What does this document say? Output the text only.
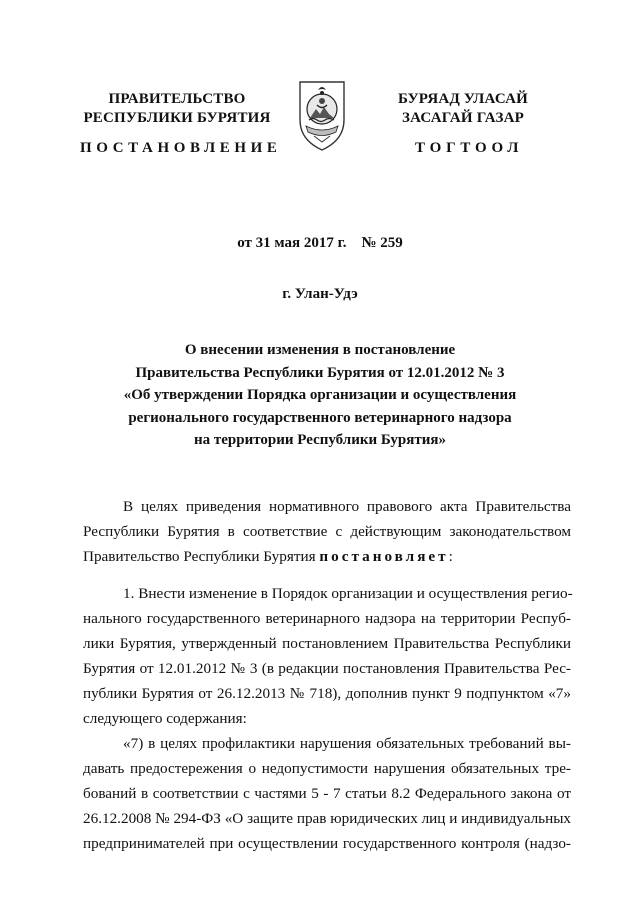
ПРАВИТЕЛЬСТВО
РЕСПУБЛИКИ БУРЯТИЯ
БУРЯАД УЛАСАЙ
ЗАСАГАЙ ГАЗАР
ПОСТАНОВЛЕНИЕ	ТОГТООЛ
от 31 мая 2017 г.    № 259
г. Улан-Удэ
О внесении изменения в постановление
Правительства Республики Бурятия от 12.01.2012 № 3
«Об утверждении Порядка организации и осуществления
регионального государственного ветеринарного надзора
на территории Республики Бурятия»
В целях приведения нормативного правового акта Правительства
Республики Бурятия в соответствие с действующим законодательством
Правительство Республики Бурятия постановляет:
1. Внести изменение в Порядок организации и осуществления регио-
нального государственного ветеринарного надзора на территории Респуб-
лики Бурятия, утвержденный постановлением Правительства Республики
Бурятия от 12.01.2012 № 3 (в редакции постановления Правительства Рес-
публики Бурятия от 26.12.2013 № 718), дополнив пункт 9 подпунктом «7»
следующего содержания:
«7) в целях профилактики нарушения обязательных требований вы-
давать предостережения о недопустимости нарушения обязательных тре-
бований в соответствии с частями 5 - 7 статьи 8.2 Федерального закона от
26.12.2008 № 294-ФЗ «О защите прав юридических лиц и индивидуальных
предпринимателей при осуществлении государственного контроля (надзо-
